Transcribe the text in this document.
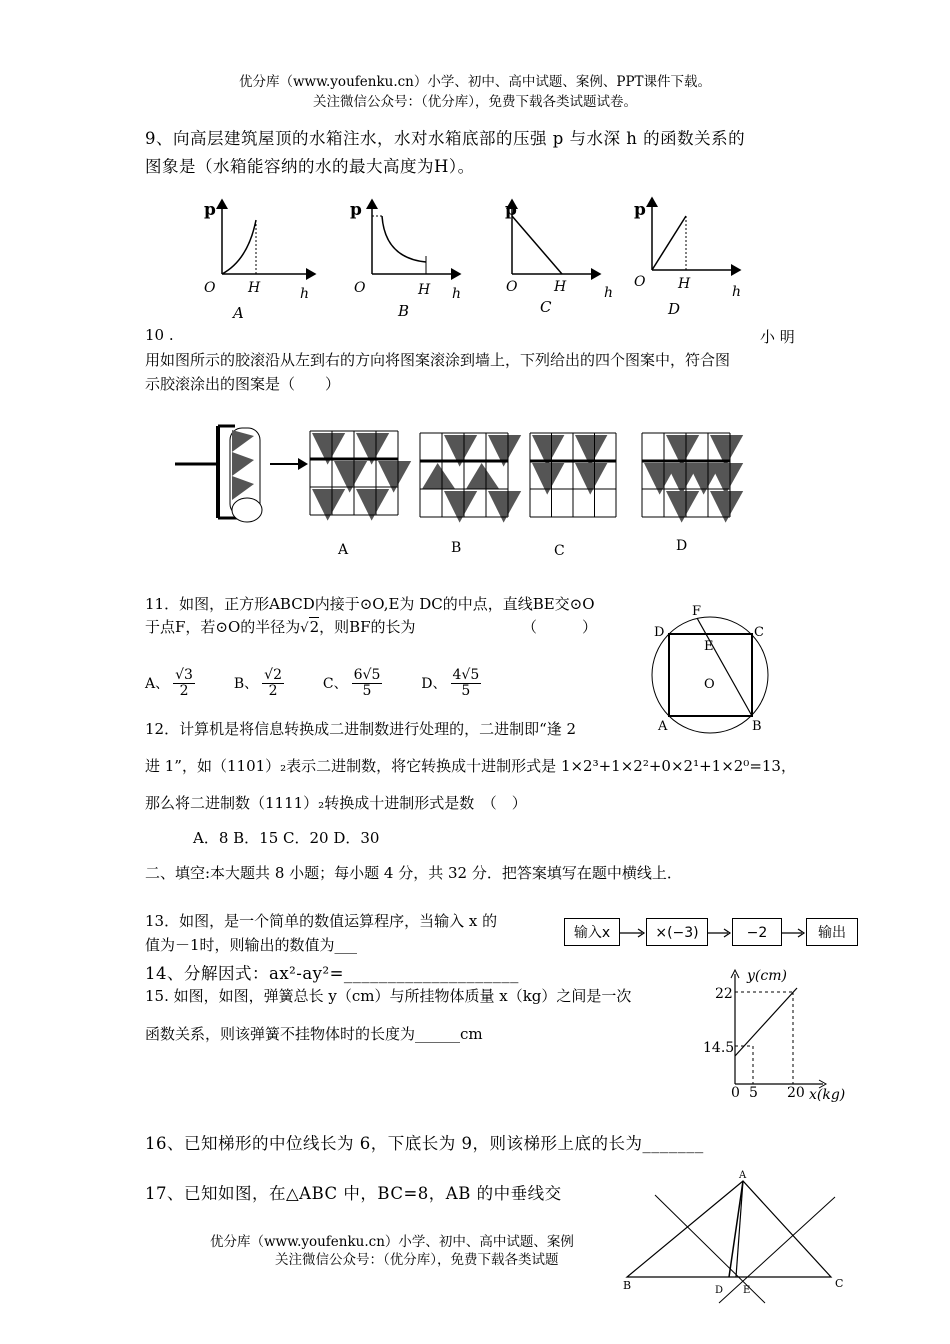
优分库（www.youfenku.cn）小学、初中、高中试题、案例、PPT课件下载。
关注微信公众号：（优分库），免费下载各类试题试卷。
9、向高层建筑屋顶的水箱注水，水对水箱底部的压强 p 与水深 h 的函数关系的
图象是（水箱能容纳的水的最大高度为H）。
p
O H	h
A
p
O	H h
B
p
O	H	h
C
p
O H	h
D
10 .	小 明
用如图所示的胶滚沿从左到右的方向将图案滚涂到墙上，下列给出的四个图案中，符合图
示胶滚涂出的图案是（　　）
A	B	C	D
11．如图，正方形ABCD内接于⊙O,E为 DC的中点，直线BE交⊙O
于点F，若⊙O的半径为√2，则BF的长为	（　　　）
A、 $\frac{√3}{2}$	B、 $\frac{√2}{2}$	C、 $\frac{6√5}{5}$	D、 $\frac{4√5}{5}$
F
D	C
E
O
A	B
12．计算机是将信息转换成二进制数进行处理的，二进制即“逢 2
进 1”，如（1101）₂表示二进制数，将它转换成十进制形式是 1×2³+1×2²+0×2¹+1×2⁰=13，
那么将二进制数（1111）₂转换成十进制形式是数　（　）
A．8 B．15 C．20 D．30
二、填空:本大题共 8 小题；每小题 4 分，共 32 分．把答案填写在题中横线上．
13．如图，是一个简单的数值运算程序，当输入 x 的
值为－1时，则输出的数值为___
输入x	×(−3)	−2	输出
14、分解因式：ax²-ay²=____________________
15. 如图，如图，弹簧总长 y（cm）与所挂物体质量 x（kg）之间是一次
函数关系，则该弹簧不挂物体时的长度为______cm
y(cm)
22
14.5
0 5 20 x(kg)
16、已知梯形的中位线长为 6，下底长为 9，则该梯形上底的长为_______
17、已知如图，在△ABC 中，BC=8，AB 的中垂线交
优分库（www.youfenku.cn）小学、初中、高中试题、案例
关注微信公众号：（优分库），免费下载各类试题
A
B	C
D E
